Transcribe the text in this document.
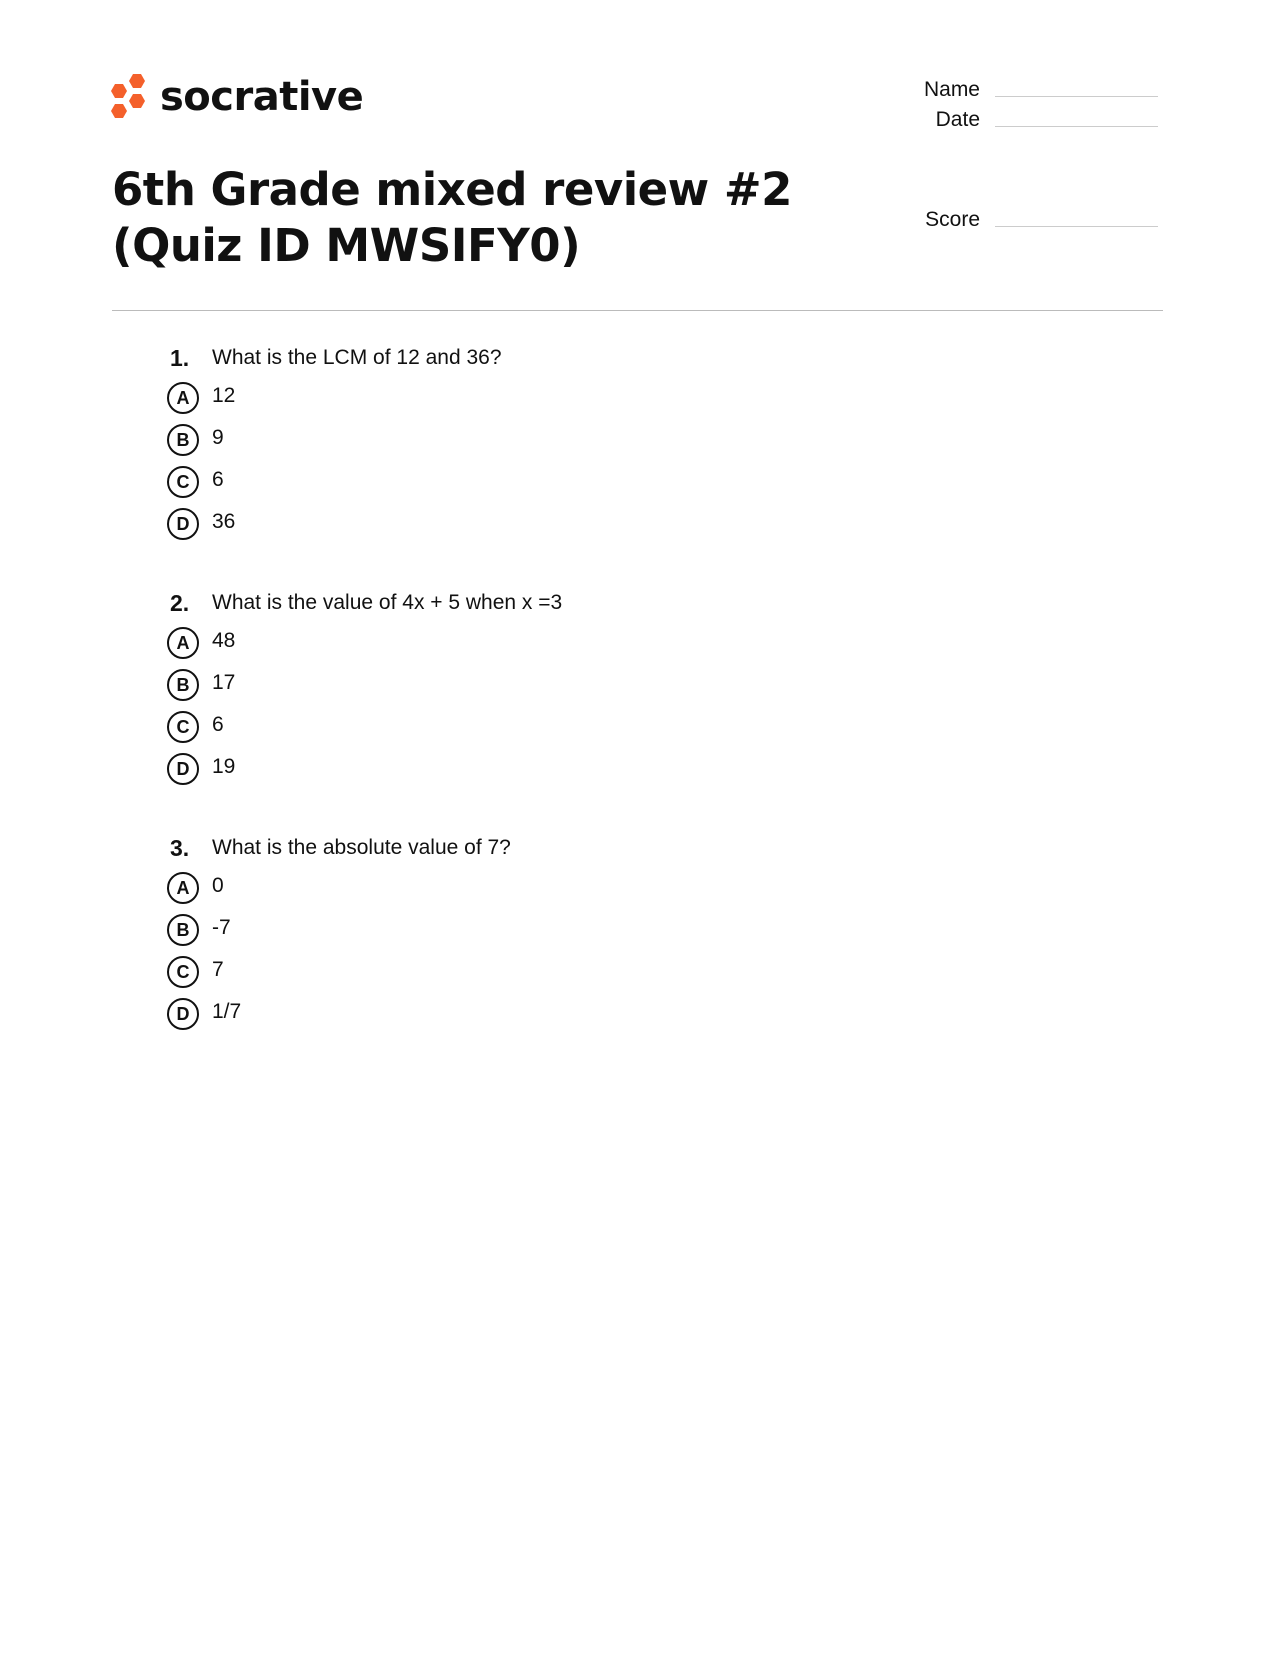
socrative	Name
Date
Score
6th Grade mixed review #2 (Quiz ID MWSIFY0)
1.	What is the LCM of 12 and 36?
A	12
B	9
C	6
D	36
2.	What is the value of 4x + 5 when x =3
A	48
B	17
C	6
D	19
3.	What is the absolute value of 7?
A	0
B	-7
C	7
D	1/7
